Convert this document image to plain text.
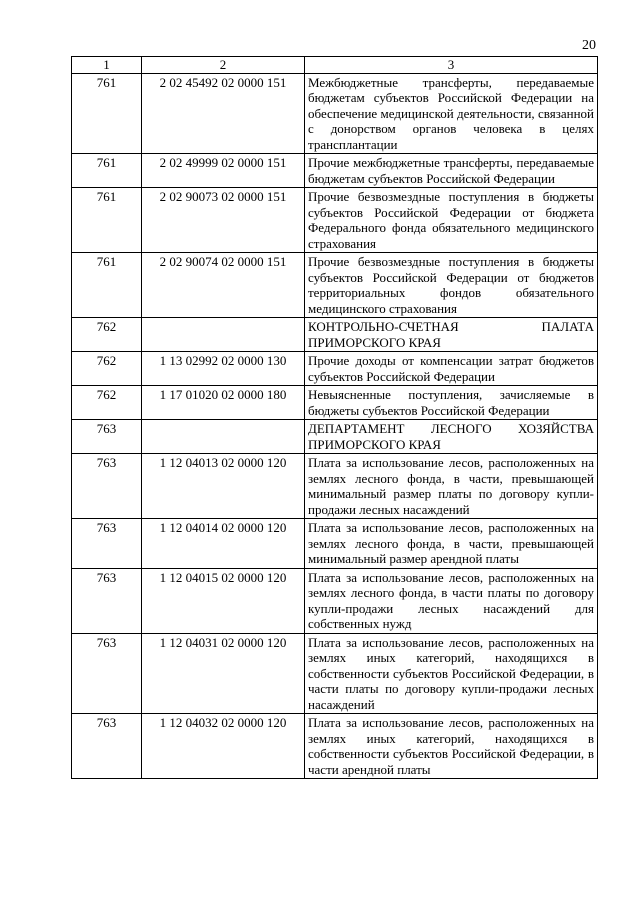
20
1	2	3
761	2 02 45492 02 0000 151	Межбюджетные трансферты, передаваемые бюджетам субъектов Российской Федерации на обеспечение медицинской деятельности, связанной с донорством органов человека в целях трансплантации
761	2 02 49999 02 0000 151	Прочие межбюджетные трансферты, передаваемые бюджетам субъектов Российской Федерации
761	2 02 90073 02 0000 151	Прочие безвозмездные поступления в бюджеты субъектов Российской Федерации от бюджета Федерального фонда обязательного медицинского страхования
761	2 02 90074 02 0000 151	Прочие безвозмездные поступления в бюджеты субъектов Российской Федерации от бюджетов территориальных фондов обязательного медицинского страхования
762		КОНТРОЛЬНО-СЧЕТНАЯ ПАЛАТА ПРИМОРСКОГО КРАЯ
762	1 13 02992 02 0000 130	Прочие доходы от компенсации затрат бюджетов субъектов Российской Федерации
762	1 17 01020 02 0000 180	Невыясненные поступления, зачисляемые в бюджеты субъектов Российской Федерации
763		ДЕПАРТАМЕНТ ЛЕСНОГО ХОЗЯЙСТВА ПРИМОРСКОГО КРАЯ
763	1 12 04013 02 0000 120	Плата за использование лесов, расположенных на землях лесного фонда, в части, превышающей минимальный размер платы по договору купли-продажи лесных насаждений
763	1 12 04014 02 0000 120	Плата за использование лесов, расположенных на землях лесного фонда, в части, превышающей минимальный размер арендной платы
763	1 12 04015 02 0000 120	Плата за использование лесов, расположенных на землях лесного фонда, в части платы по договору купли-продажи лесных насаждений для собственных нужд
763	1 12 04031 02 0000 120	Плата за использование лесов, расположенных на землях иных категорий, находящихся в собственности субъектов Российской Федерации, в части платы по договору купли-продажи лесных насаждений
763	1 12 04032 02 0000 120	Плата за использование лесов, расположенных на землях иных категорий, находящихся в собственности субъектов Российской Федерации, в части арендной платы
